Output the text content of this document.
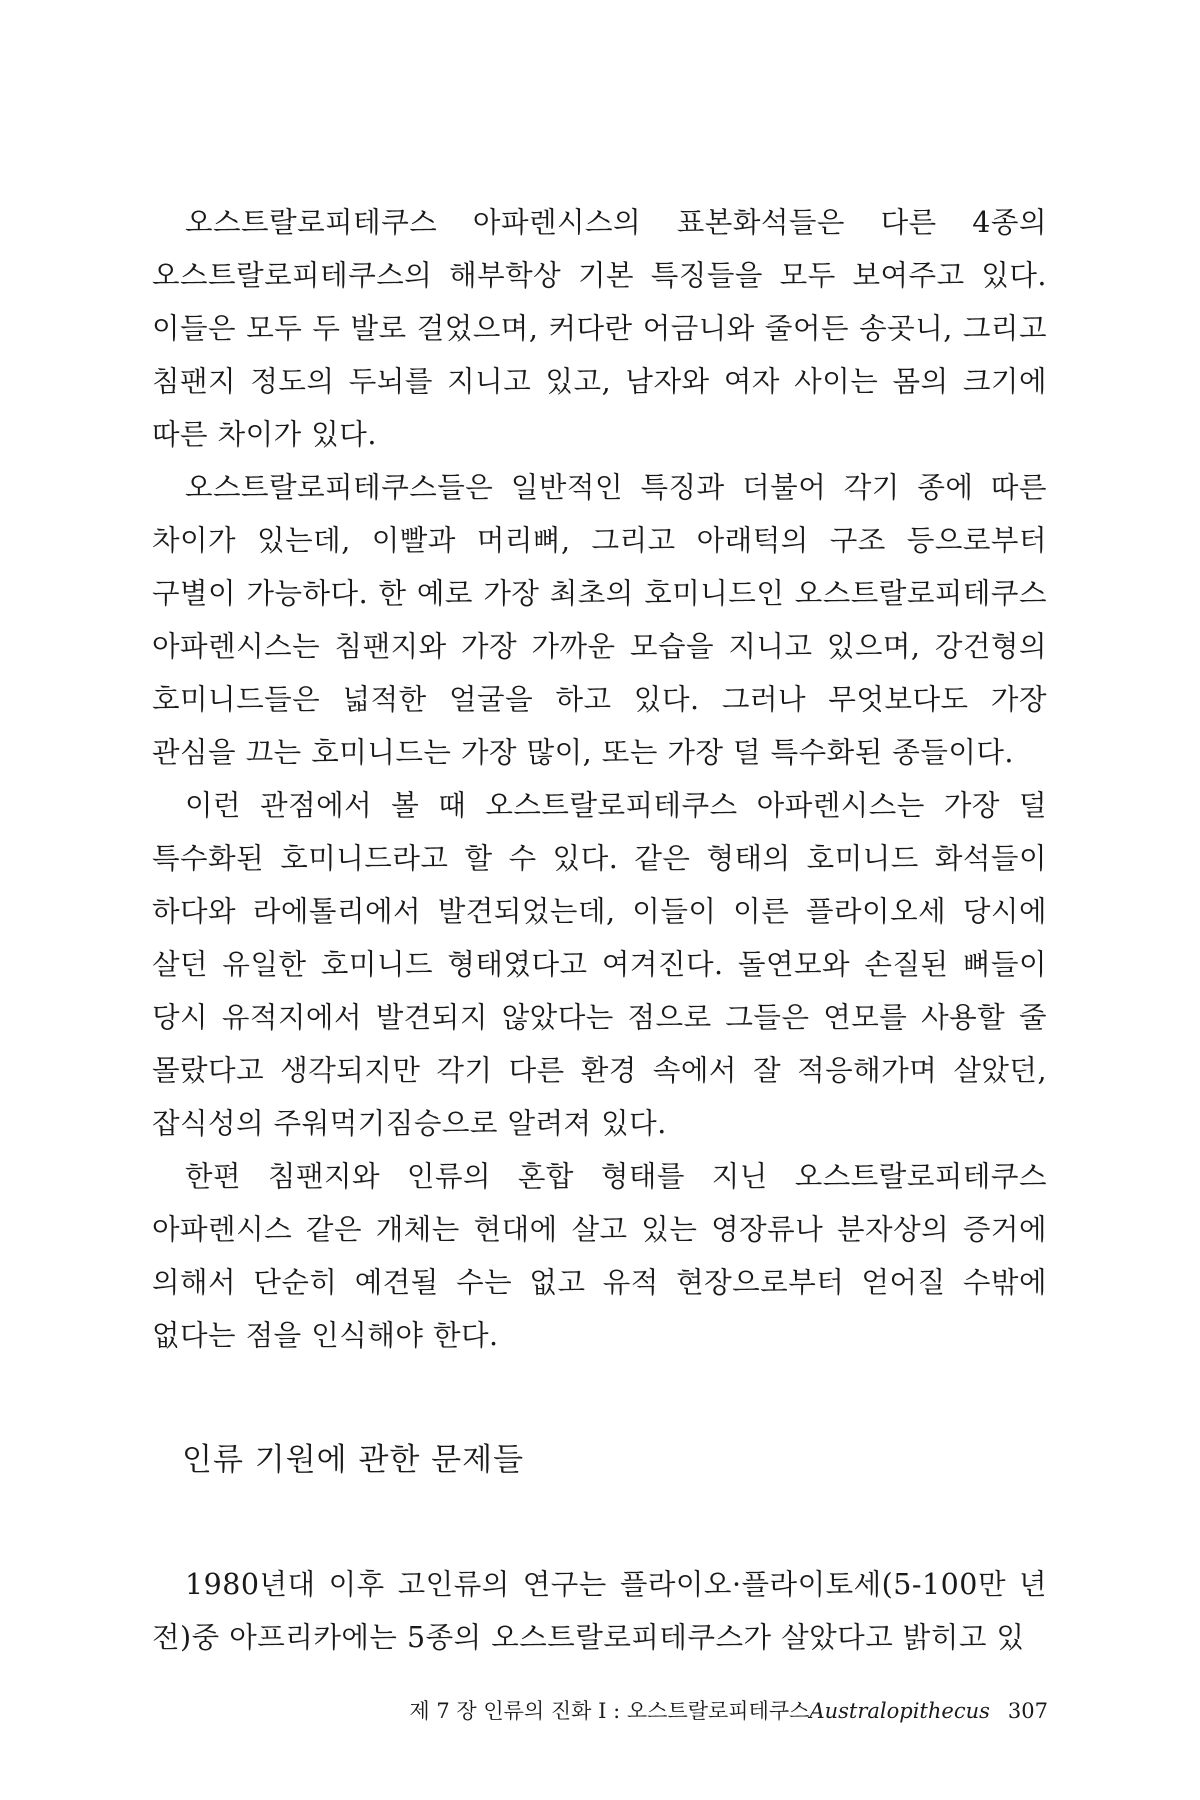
오스트랄로피테쿠스 아파렌시스의 표본화석들은 다른 4종의 오스트랄로피테쿠스의 해부학상 기본 특징들을 모두 보여주고 있다. 이들은 모두 두 발로 걸었으며, 커다란 어금니와 줄어든 송곳니, 그리고 침팬지 정도의 두뇌를 지니고 있고, 남자와 여자 사이는 몸의 크기에 따른 차이가 있다.

오스트랄로피테쿠스들은 일반적인 특징과 더불어 각기 종에 따른 차이가 있는데, 이빨과 머리뼈, 그리고 아래턱의 구조 등으로부터 구별이 가능하다. 한 예로 가장 최초의 호미니드인 오스트랄로피테쿠스 아파렌시스는 침팬지와 가장 가까운 모습을 지니고 있으며, 강건형의 호미니드들은 넓적한 얼굴을 하고 있다. 그러나 무엇보다도 가장 관심을 끄는 호미니드는 가장 많이, 또는 가장 덜 특수화된 종들이다.

이런 관점에서 볼 때 오스트랄로피테쿠스 아파렌시스는 가장 덜 특수화된 호미니드라고 할 수 있다. 같은 형태의 호미니드 화석들이 하다와 라에톨리에서 발견되었는데, 이들이 이른 플라이오세 당시에 살던 유일한 호미니드 형태였다고 여겨진다. 돌연모와 손질된 뼈들이 당시 유적지에서 발견되지 않았다는 점으로 그들은 연모를 사용할 줄 몰랐다고 생각되지만 각기 다른 환경 속에서 잘 적응해가며 살았던, 잡식성의 주워먹기짐승으로 알려져 있다.

한편 침팬지와 인류의 혼합 형태를 지닌 오스트랄로피테쿠스 아파렌시스 같은 개체는 현대에 살고 있는 영장류나 분자상의 증거에 의해서 단순히 예견될 수는 없고 유적 현장으로부터 얻어질 수밖에 없다는 점을 인식해야 한다.

인류 기원에 관한 문제들

1980년대 이후 고인류의 연구는 플라이오·플라이토세(5-100만 년 전)중 아프리카에는 5종의 오스트랄로피테쿠스가 살았다고 밝히고 있

제 7 장 인류의 진화 Ⅰ : 오스트랄로피테쿠스Australopithecus 307
